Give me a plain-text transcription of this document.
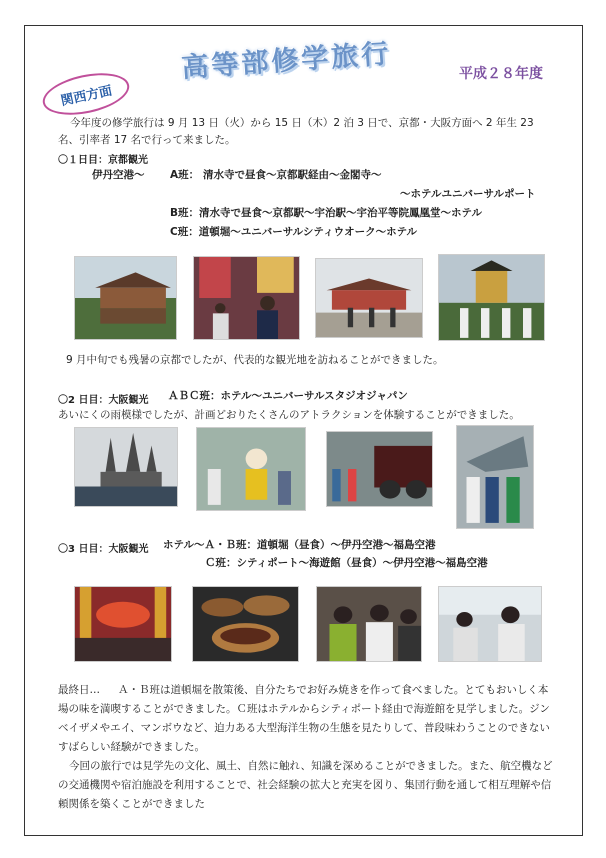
関西方面
高等部修学旅行	平成２８年度
今年度の修学旅行は 9 月 13 日（火）から 15 日（木）2 泊 3 日で、京都・大阪方面へ 2 年生 23
名、引率者 17 名で行って来ました。
〇１日目：京都観光
伊丹空港～ A班： 清水寺で昼食～京都駅経由～金閣寺～
～ホテルユニバーサルポート
B班：清水寺で昼食～京都駅～宇治駅～宇治平等院鳳凰堂～ホテル
C班：道頓堀～ユニバーサルシティウオーク～ホテル
9 月中旬でも残暑の京都でしたが、代表的な観光地を訪ねることができました。
〇2 日目：大阪観光 ＡＢＣ班：ホテル～ユニバーサルスタジオジャパン
あいにくの雨模様でしたが、計画どおりたくさんのアトラクションを体験することができました。
〇3 日目：大阪観光 ホテル～Ａ・Ｂ班：道頓堀（昼食）～伊丹空港～福島空港
Ｃ班：シティポート～海遊館（昼食）～伊丹空港～福島空港
最終日…	Ａ・Ｂ班は道頓堀を散策後、自分たちでお好み焼きを作って食べました。とてもおいしく本場の味を満喫することができました。Ｃ班はホテルからシティポート経由で海遊館を見学しました。ジンベイザメやエイ、マンボウなど、迫力ある大型海洋生物の生態を見たりして、普段味わうことのできないすばらしい経験ができました。
今回の旅行では見学先の文化、風土、自然に触れ、知識を深めることができました。また、航空機などの交通機関や宿泊施設を利用することで、社会経験の拡大と充実を図り、集団行動を通して相互理解や信頼関係を築くことができました
